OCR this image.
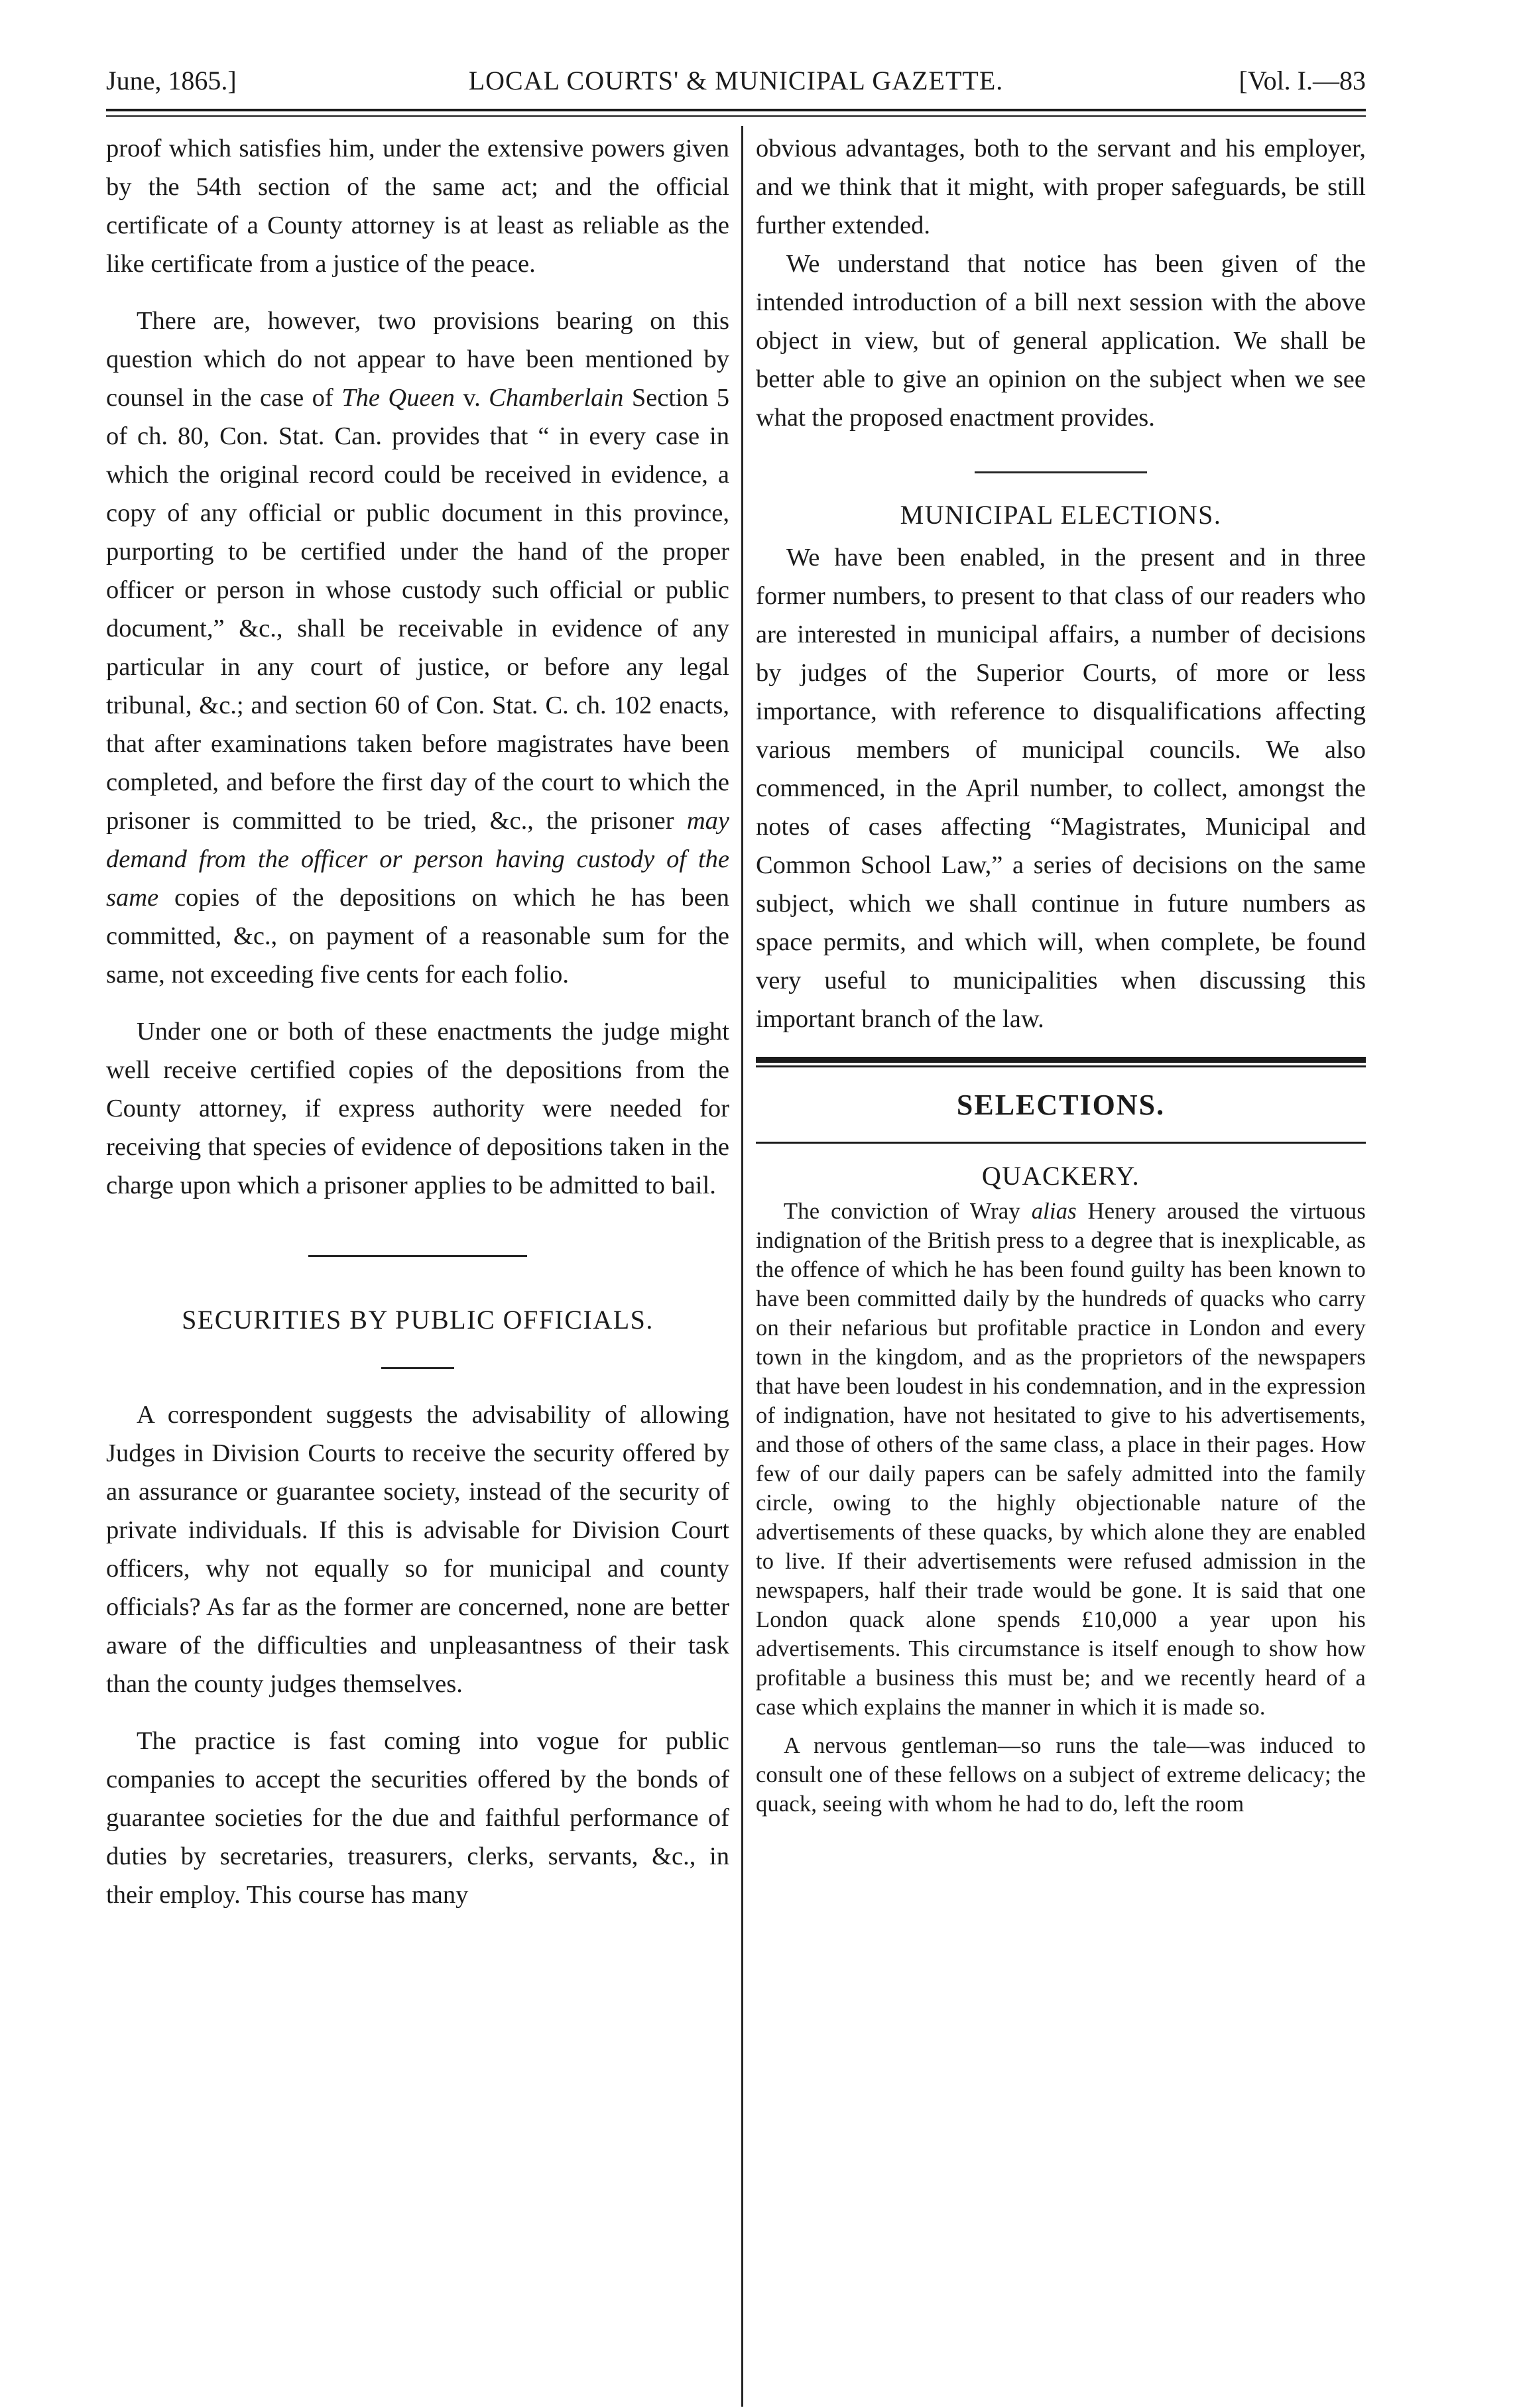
June, 1865.]	LOCAL COURTS' & MUNICIPAL GAZETTE.	[Vol. I.—83

proof which satisfies him, under the extensive powers given by the 54th section of the same act; and the official certificate of a County attorney is at least as reliable as the like certificate from a justice of the peace.

There are, however, two provisions bearing on this question which do not appear to have been mentioned by counsel in the case of The Queen v. Chamberlain Section 5 of ch. 80, Con. Stat. Can. provides that “ in every case in which the original record could be received in evidence, a copy of any official or public document in this province, purporting to be certified under the hand of the proper officer or person in whose custody such official or public document,” &c., shall be receivable in evidence of any particular in any court of justice, or before any legal tribunal, &c.; and section 60 of Con. Stat. C. ch. 102 enacts, that after examinations taken before magistrates have been completed, and before the first day of the court to which the prisoner is committed to be tried, &c., the prisoner may demand from the officer or person having custody of the same copies of the depositions on which he has been committed, &c., on payment of a reasonable sum for the same, not exceeding five cents for each folio.

Under one or both of these enactments the judge might well receive certified copies of the depositions from the County attorney, if express authority were needed for receiving that species of evidence of depositions taken in the charge upon which a prisoner applies to be admitted to bail.

SECURITIES BY PUBLIC OFFICIALS.

A correspondent suggests the advisability of allowing Judges in Division Courts to receive the security offered by an assurance or guarantee society, instead of the security of private individuals. If this is advisable for Division Court officers, why not equally so for municipal and county officials? As far as the former are concerned, none are better aware of the difficulties and unpleasantness of their task than the county judges themselves.

The practice is fast coming into vogue for public companies to accept the securities offered by the bonds of guarantee societies for the due and faithful performance of duties by secretaries, treasurers, clerks, servants, &c., in their employ. This course has many

obvious advantages, both to the servant and his employer, and we think that it might, with proper safeguards, be still further extended.

We understand that notice has been given of the intended introduction of a bill next session with the above object in view, but of general application. We shall be better able to give an opinion on the subject when we see what the proposed enactment provides.

MUNICIPAL ELECTIONS.

We have been enabled, in the present and in three former numbers, to present to that class of our readers who are interested in municipal affairs, a number of decisions by judges of the Superior Courts, of more or less importance, with reference to disqualifications affecting various members of municipal councils. We also commenced, in the April number, to collect, amongst the notes of cases affecting “Magistrates, Municipal and Common School Law,” a series of decisions on the same subject, which we shall continue in future numbers as space permits, and which will, when complete, be found very useful to municipalities when discussing this important branch of the law.

SELECTIONS.
QUACKERY.

The conviction of Wray alias Henery aroused the virtuous indignation of the British press to a degree that is inexplicable, as the offence of which he has been found guilty has been known to have been committed daily by the hundreds of quacks who carry on their nefarious but profitable practice in London and every town in the kingdom, and as the proprietors of the newspapers that have been loudest in his condemnation, and in the expression of indignation, have not hesitated to give to his advertisements, and those of others of the same class, a place in their pages. How few of our daily papers can be safely admitted into the family circle, owing to the highly objectionable nature of the advertisements of these quacks, by which alone they are enabled to live. If their advertisements were refused admission in the newspapers, half their trade would be gone. It is said that one London quack alone spends £10,000 a year upon his advertisements. This circumstance is itself enough to show how profitable a business this must be; and we recently heard of a case which explains the manner in which it is made so.

A nervous gentleman—so runs the tale—was induced to consult one of these fellows on a subject of extreme delicacy; the quack, seeing with whom he had to do, left the room
